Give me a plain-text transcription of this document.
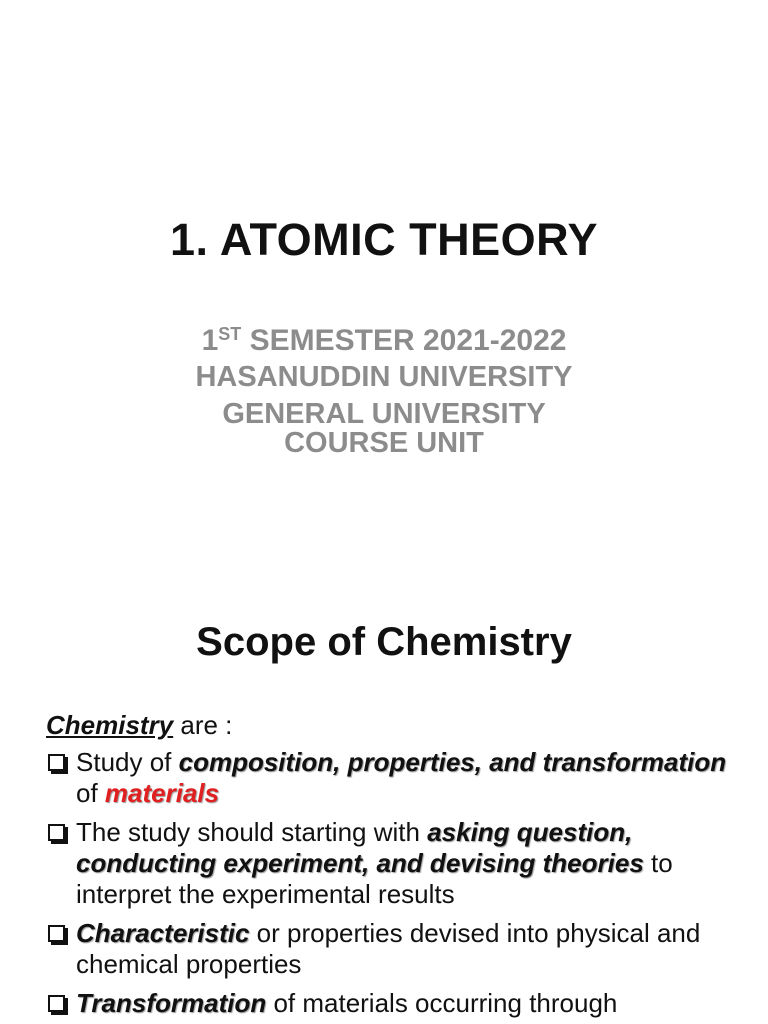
1. ATOMIC THEORY

1ST SEMESTER 2021-2022

HASANUDDIN UNIVERSITY

GENERAL UNIVERSITY

COURSE UNIT

Scope of Chemistry

Chemistry are :

Study of composition, properties, and transformation of materials

The study should starting with asking question, conducting experiment, and devising theories to interpret the experimental results

Characteristic or properties devised into physical and chemical properties

Transformation of materials occurring through
